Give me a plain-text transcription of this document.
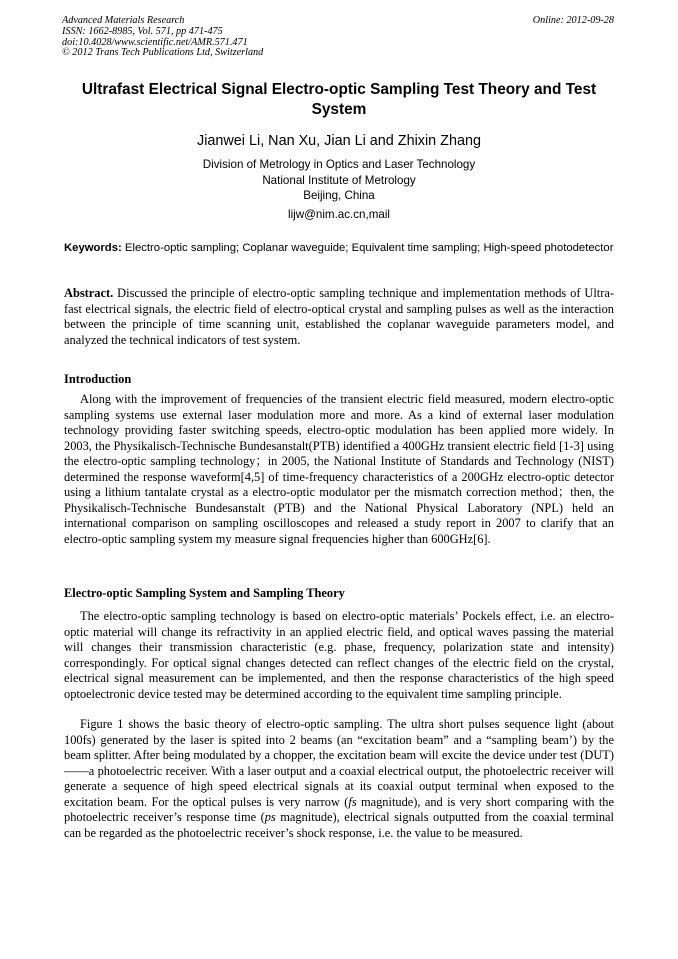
Advanced Materials Research
ISSN: 1662-8985, Vol. 571, pp 471-475
doi:10.4028/www.scientific.net/AMR.571.471
© 2012 Trans Tech Publications Ltd, Switzerland
Online: 2012-09-28
Ultrafast Electrical Signal Electro-optic Sampling Test Theory and Test System
Jianwei Li, Nan Xu, Jian Li and Zhixin Zhang
Division of Metrology in Optics and Laser Technology
National Institute of Metrology
Beijing, China
lijw@nim.ac.cn,mail
Keywords: Electro-optic sampling; Coplanar waveguide; Equivalent time sampling; High-speed photodetector
Abstract. Discussed the principle of electro-optic sampling technique and implementation methods of Ultra-fast electrical signals, the electric field of electro-optical crystal and sampling pulses as well as the interaction between the principle of time scanning unit, established the coplanar waveguide parameters model, and analyzed the technical indicators of test system.
Introduction
Along with the improvement of frequencies of the transient electric field measured, modern electro-optic sampling systems use external laser modulation more and more. As a kind of external laser modulation technology providing faster switching speeds, electro-optic modulation has been applied more widely. In 2003, the Physikalisch-Technische Bundesanstalt(PTB) identified a 400GHz transient electric field [1-3] using the electro-optic sampling technology；in 2005, the National Institute of Standards and Technology (NIST) determined the response waveform[4,5] of time-frequency characteristics of a 200GHz electro-optic detector using a lithium tantalate crystal as a electro-optic modulator per the mismatch correction method；then, the Physikalisch-Technische Bundesanstalt (PTB) and the National Physical Laboratory (NPL) held an international comparison on sampling oscilloscopes and released a study report in 2007 to clarify that an electro-optic sampling system my measure signal frequencies higher than 600GHz[6].
Electro-optic Sampling System and Sampling Theory
The electro-optic sampling technology is based on electro-optic materials’ Pockels effect, i.e. an electro-optic material will change its refractivity in an applied electric field, and optical waves passing the material will changes their transmission characteristic (e.g. phase, frequency, polarization state and intensity) correspondingly. For optical signal changes detected can reflect changes of the electric field on the crystal, electrical signal measurement can be implemented, and then the response characteristics of the high speed optoelectronic device tested may be determined according to the equivalent time sampling principle.
Figure 1 shows the basic theory of electro-optic sampling. The ultra short pulses sequence light (about 100fs) generated by the laser is spited into 2 beams (an “excitation beam” and a “sampling beam’) by the beam splitter. After being modulated by a chopper, the excitation beam will excite the device under test (DUT)——a photoelectric receiver. With a laser output and a coaxial electrical output, the photoelectric receiver will generate a sequence of high speed electrical signals at its coaxial output terminal when exposed to the excitation beam. For the optical pulses is very narrow (fs magnitude), and is very short comparing with the photoelectric receiver’s response time (ps magnitude), electrical signals outputted from the coaxial terminal can be regarded as the photoelectric receiver’s shock response, i.e. the value to be measured.
